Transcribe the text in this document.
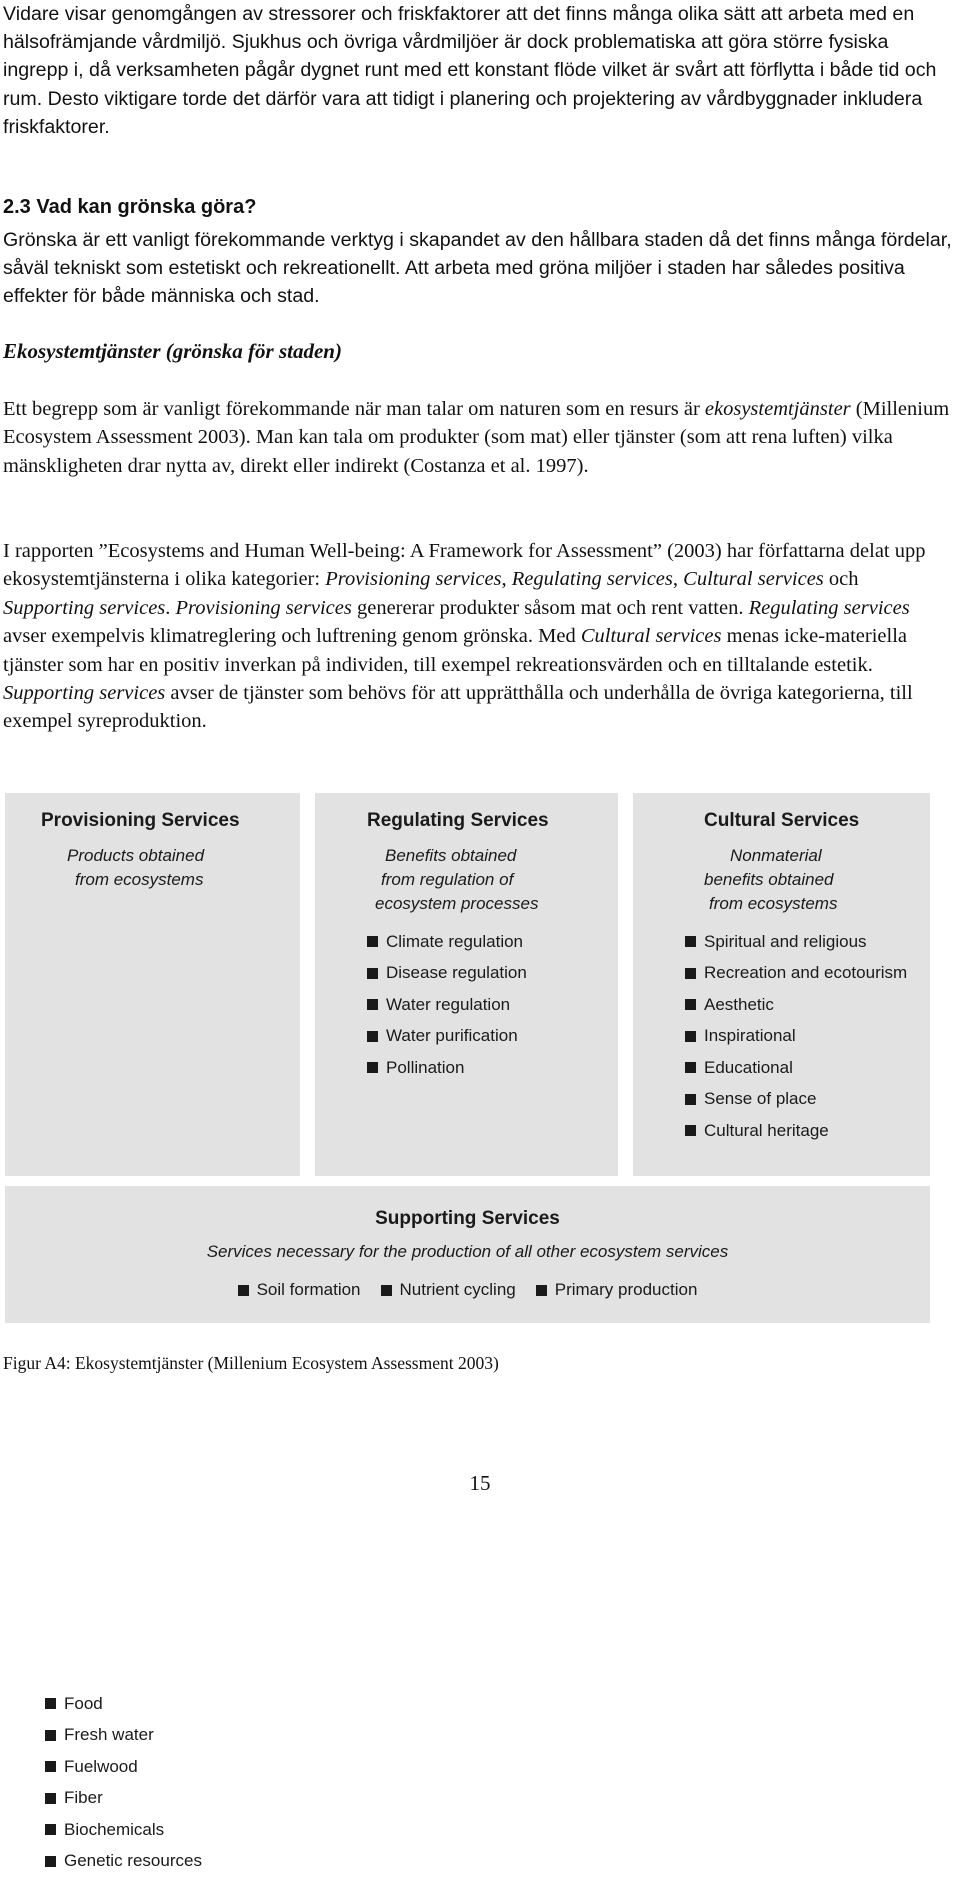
Vidare visar genomgången av stressorer och friskfaktorer att det finns många olika sätt att arbeta med en hälsofrämjande vårdmiljö. Sjukhus och övriga vårdmiljöer är dock problematiska att göra större fysiska ingrepp i, då verksamheten pågår dygnet runt med ett konstant flöde vilket är svårt att förflytta i både tid och rum. Desto viktigare torde det därför vara att tidigt i planering och projektering av vårdbyggnader inkludera friskfaktorer.

2.3 Vad kan grönska göra?

Grönska är ett vanligt förekommande verktyg i skapandet av den hållbara staden då det finns många fördelar, såväl tekniskt som estetiskt och rekreationellt. Att arbeta med gröna miljöer i staden har således positiva effekter för både människa och stad.

Ekosystemtjänster (grönska för staden)

Ett begrepp som är vanligt förekommande när man talar om naturen som en resurs är ekosystemtjänster (Millenium Ecosystem Assessment 2003). Man kan tala om produkter (som mat) eller tjänster (som att rena luften) vilka mänskligheten drar nytta av, direkt eller indirekt (Costanza et al. 1997).

I rapporten ”Ecosystems and Human Well-being: A Framework for Assessment” (2003) har författarna delat upp ekosystemtjänsterna i olika kategorier: Provisioning services, Regulating services, Cultural services och Supporting services. Provisioning services genererar produkter såsom mat och rent vatten. Regulating services avser exempelvis klimatreglering och luftrening genom grönska. Med Cultural services menas icke-materiella tjänster som har en positiv inverkan på individen, till exempel rekreationsvärden och en tilltalande estetik. Supporting services avser de tjänster som behövs för att upprätthålla och underhålla de övriga kategorierna, till exempel syreproduktion.

Provisioning Services
Products obtained
from ecosystems
Food
Fresh water
Fuelwood
Fiber
Biochemicals
Genetic resources
Regulating Services
Benefits obtained
from regulation of
ecosystem processes
Climate regulation
Disease regulation
Water regulation
Water purification
Pollination
Cultural Services
Nonmaterial
benefits obtained
from ecosystems
Spiritual and religious
Recreation and ecotourism
Aesthetic
Inspirational
Educational
Sense of place
Cultural heritage
Supporting Services
Services necessary for the production of all other ecosystem services
Soil formation Nutrient cycling Primary production

Figur A4: Ekosystemtjänster (Millenium Ecosystem Assessment 2003)

15
